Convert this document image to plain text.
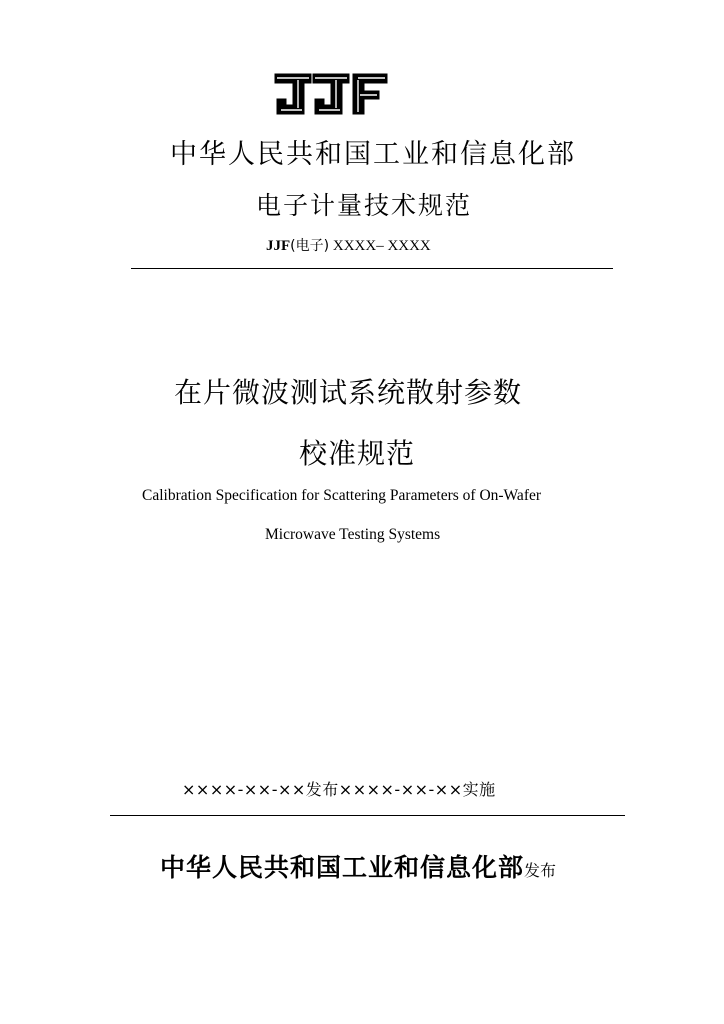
中华人民共和国工业和信息化部
电子计量技术规范
JJF(电子) XXXX– XXXX
在片微波测试系统散射参数
校准规范
Calibration Specification for Scattering Parameters of On-Wafer
Microwave Testing Systems
××××-××-××发布××××-××-××实施
中华人民共和国工业和信息化部发布
